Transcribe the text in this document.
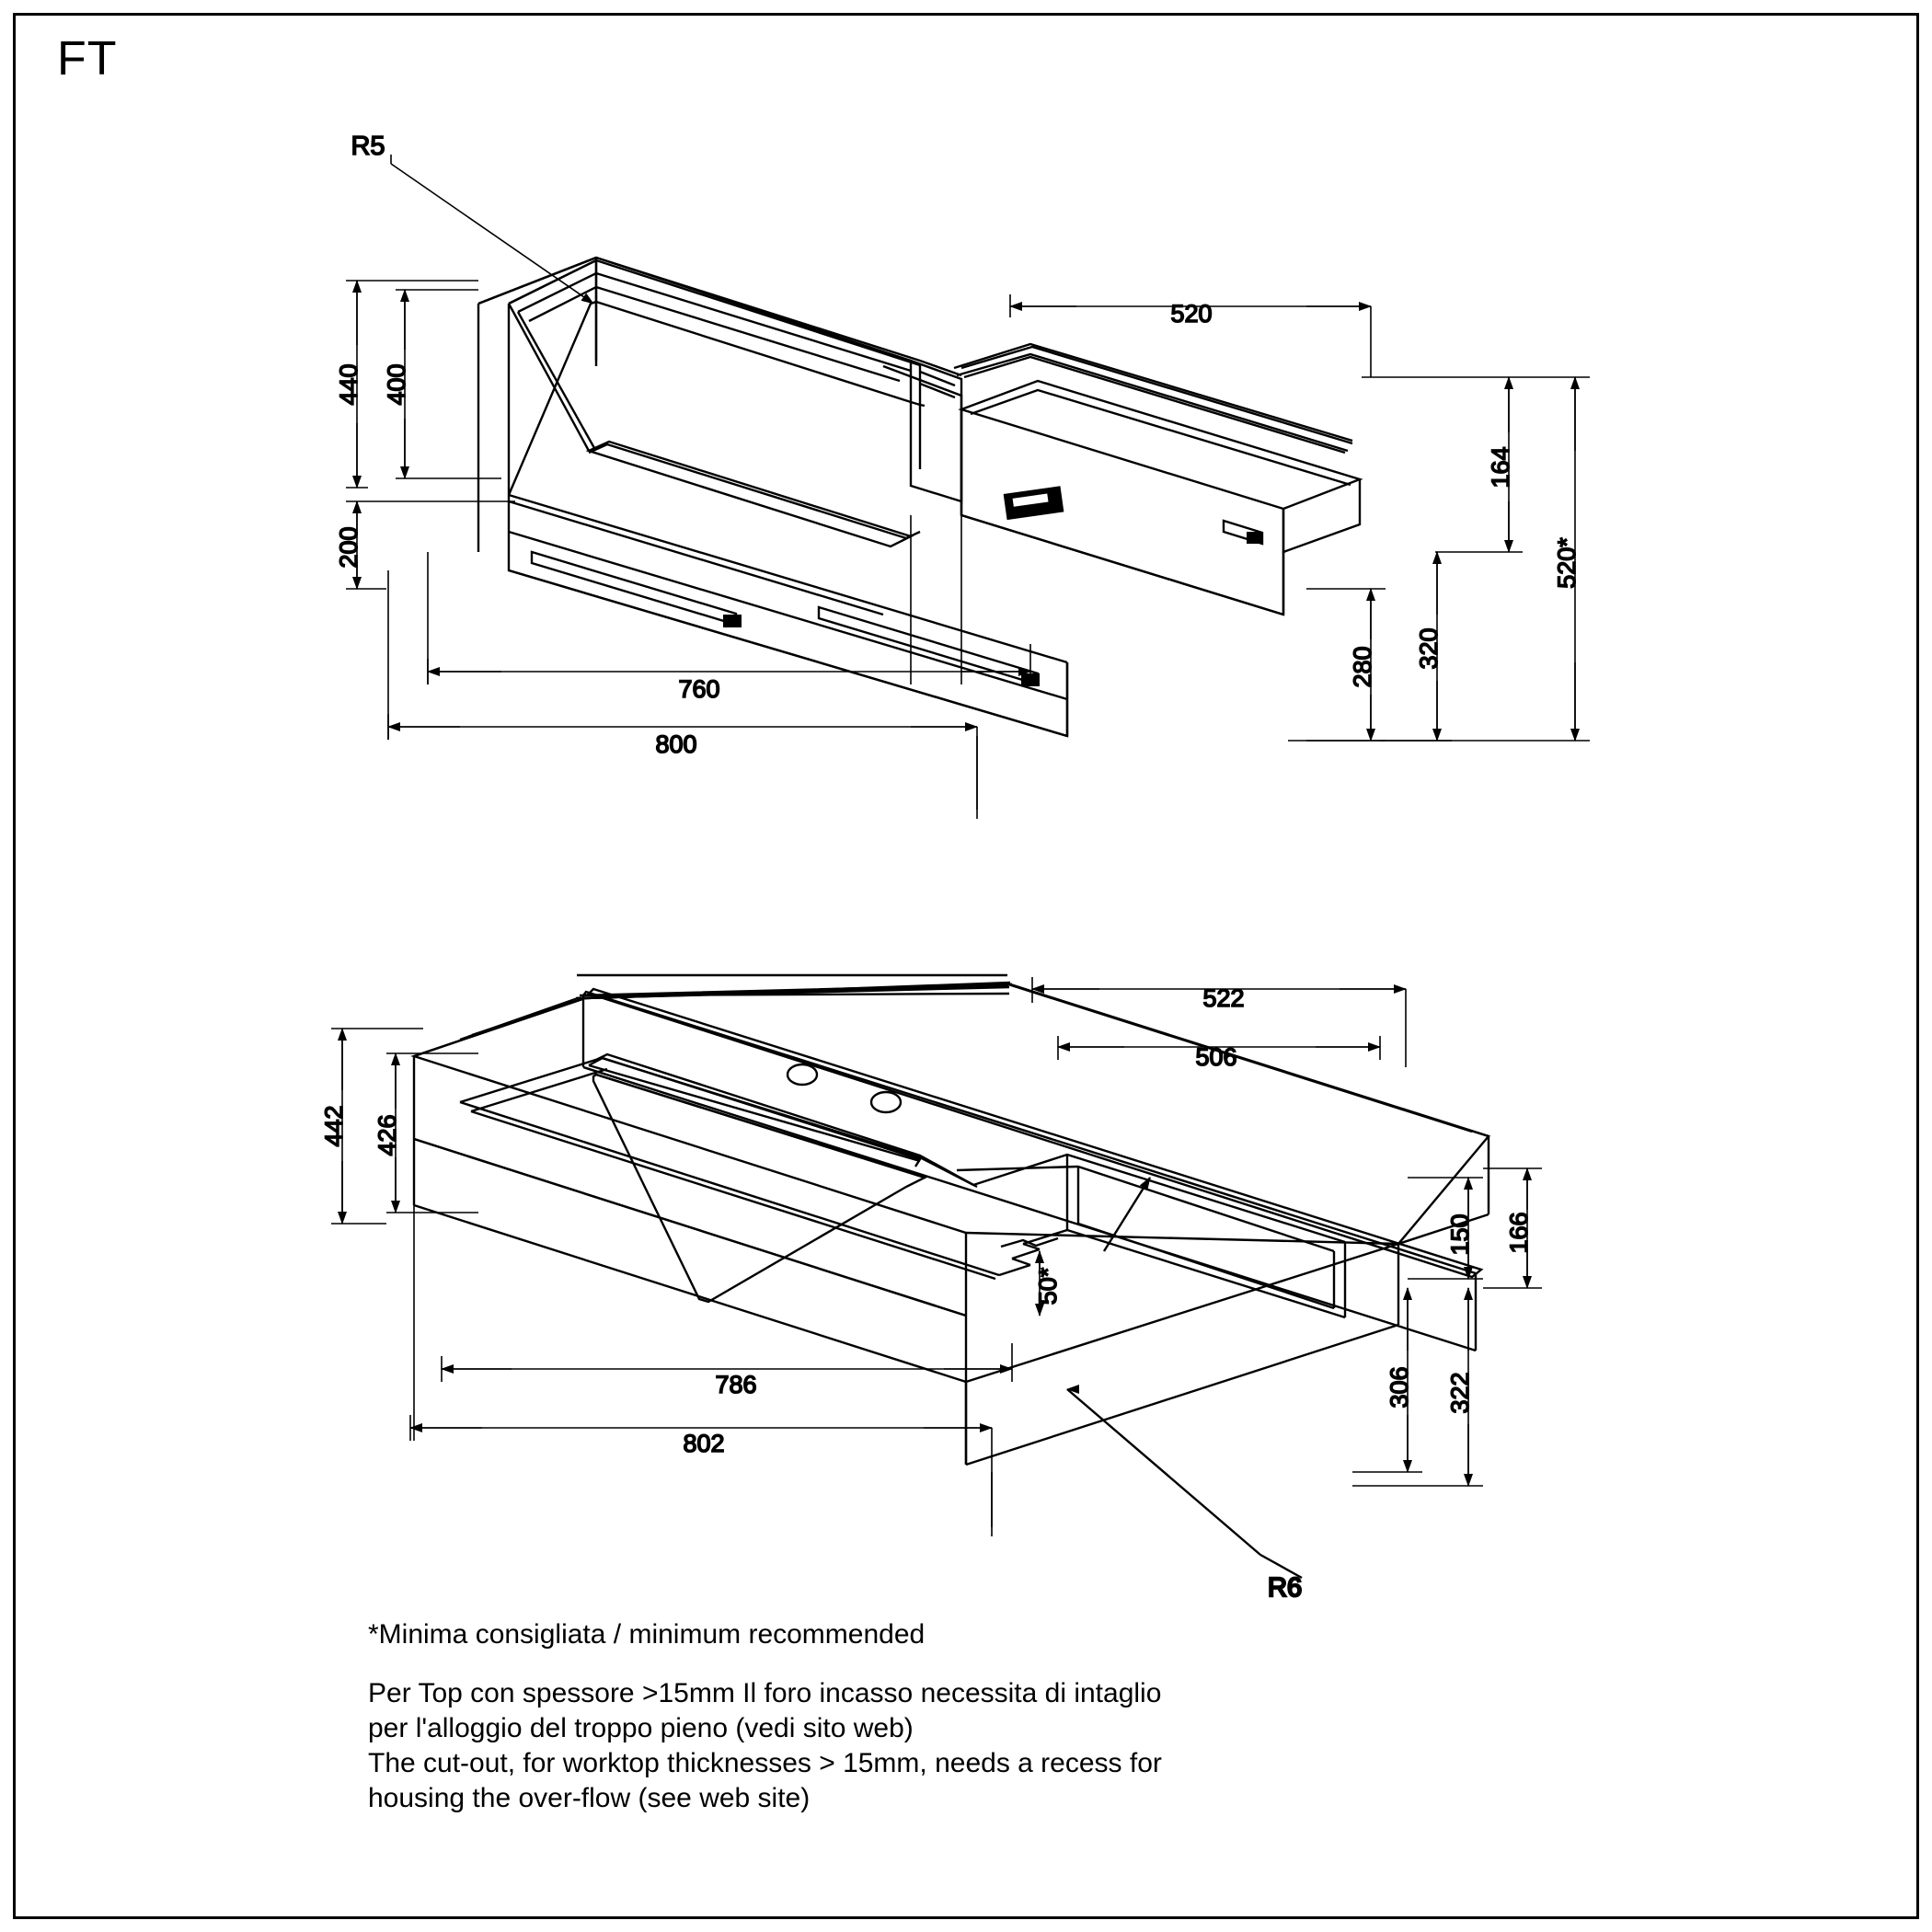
FT
R5
520
440 400
200
164
520*
320
280
760
800
R6
522
506
442 426
50*
150 166
306 322
786
802
*Minima consigliata / minimum recommended
Per Top con spessore >15mm Il foro incasso necessita di intaglio
per l'alloggio del troppo pieno (vedi sito web)
The cut-out, for worktop thicknesses > 15mm, needs a recess for
housing the over-flow (see web site)
